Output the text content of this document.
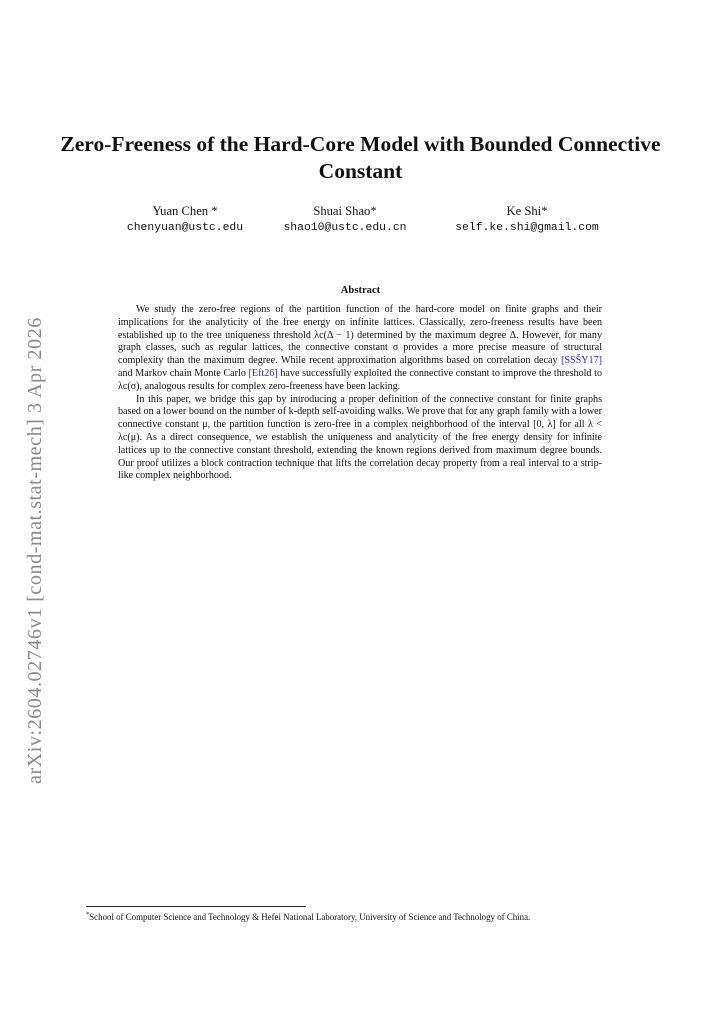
arXiv:2604.02746v1 [cond-mat.stat-mech] 3 Apr 2026
Zero-Freeness of the Hard-Core Model with Bounded Connective Constant
Yuan Chen *
chenyuan@ustc.edu
Shuai Shao*
shao10@ustc.edu.cn
Ke Shi*
self.ke.shi@gmail.com
Abstract

We study the zero-free regions of the partition function of the hard-core model on finite graphs and their implications for the analyticity of the free energy on infinite lattices. Classically, zero-freeness results have been established up to the tree uniqueness threshold λc(Δ − 1) determined by the maximum degree Δ. However, for many graph classes, such as regular lattices, the connective constant σ provides a more precise measure of structural complexity than the maximum degree. While recent approximation algorithms based on correlation decay [SSŠY17] and Markov chain Monte Carlo [Eft26] have successfully exploited the connective constant to improve the threshold to λc(σ), analogous results for complex zero-freeness have been lacking.

In this paper, we bridge this gap by introducing a proper definition of the connective constant for finite graphs based on a lower bound on the number of k-depth self-avoiding walks. We prove that for any graph family with a lower connective constant μ, the partition function is zero-free in a complex neighborhood of the interval [0, λ] for all λ < λc(μ). As a direct consequence, we establish the uniqueness and analyticity of the free energy density for infinite lattices up to the connective constant threshold, extending the known regions derived from maximum degree bounds. Our proof utilizes a block contraction technique that lifts the correlation decay property from a real interval to a strip-like complex neighborhood.

*School of Computer Science and Technology & Hefei National Laboratory, University of Science and Technology of China.
